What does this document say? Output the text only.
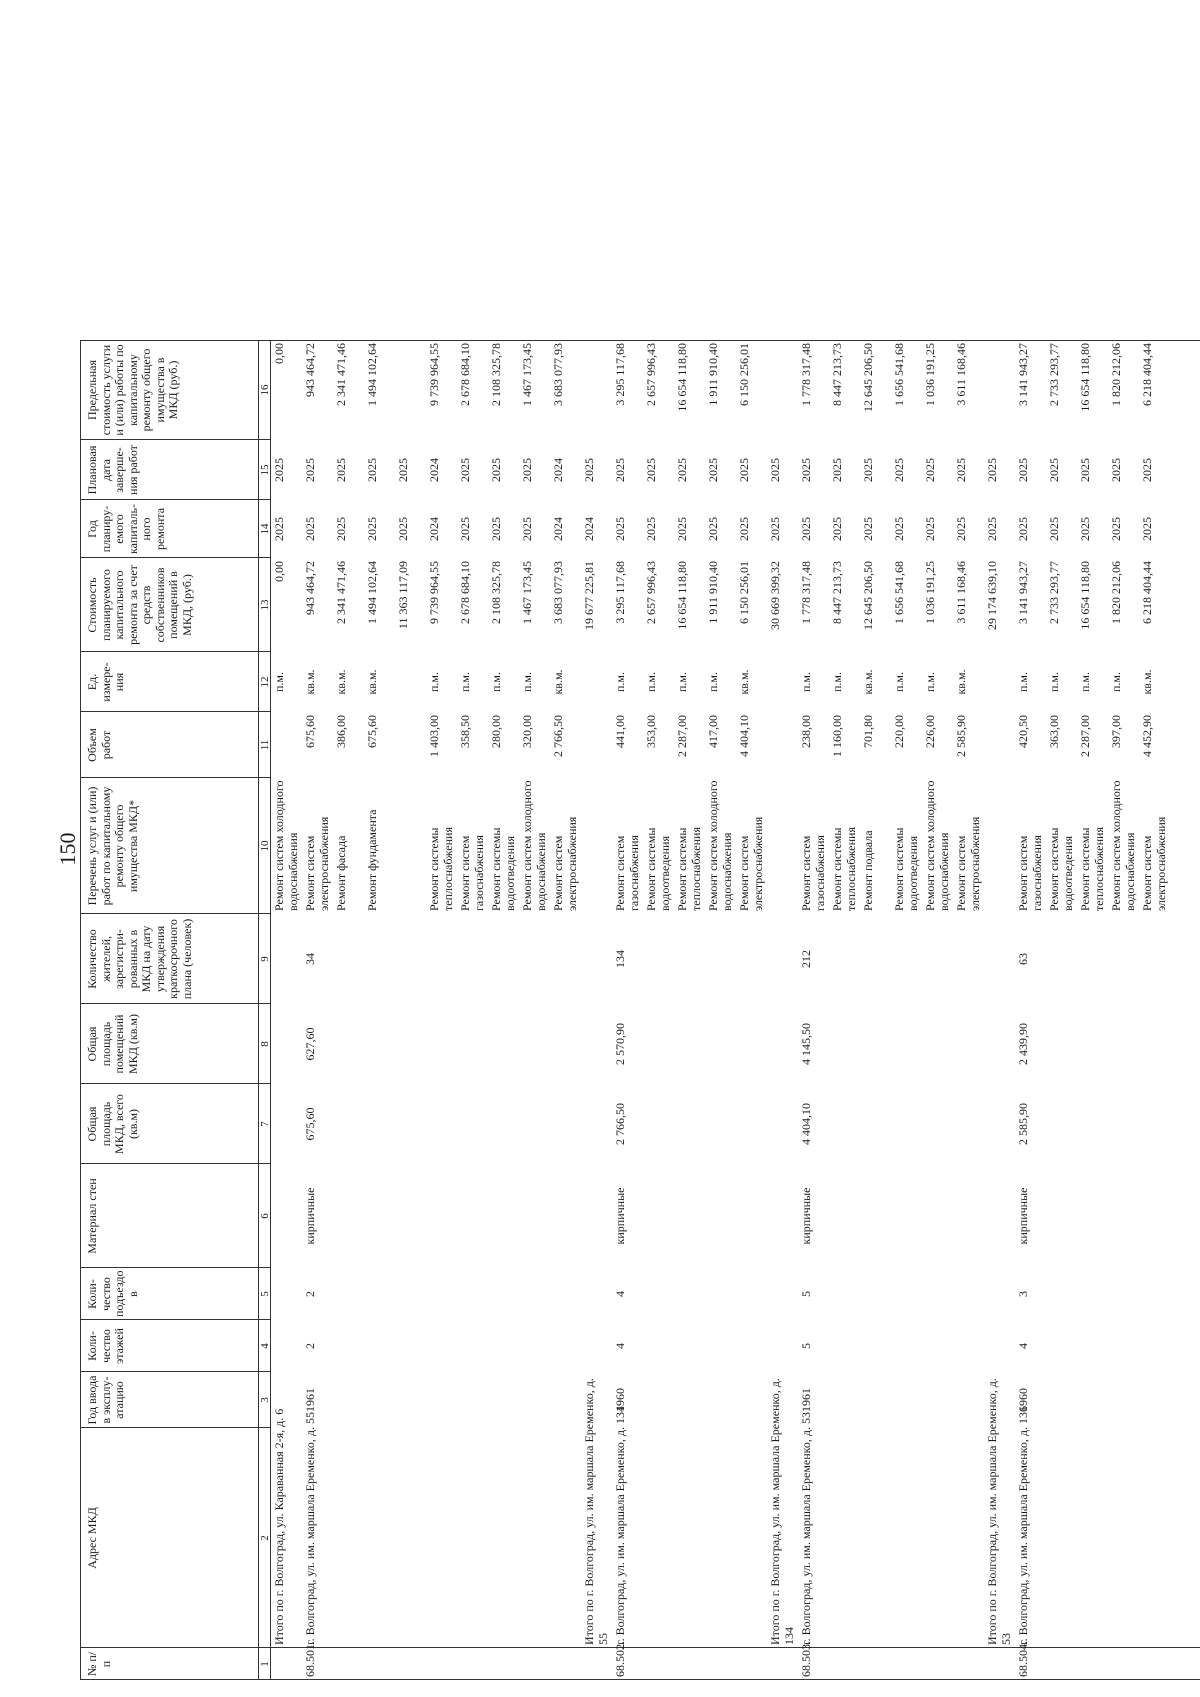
150
№ п/п
Адрес МКД
Год ввода в эксплу-атацию
Коли-чество этажей
Коли-чество подъездо в
Материал стен
Общая площадь МКД, всего (кв.м)
Общая площадь помещений МКД (кв.м)
Количество жителей, зарегистри-рованных в МКД на дату утверждения краткосрочного плана (человек)
Перечень услуг и (или) работ по капитальному ремонту общего имущества МКД*
Объем работ
Ед. измере-ния
Стоимость планируемого капитального ремонта за счет средств собственников помещений в МКД, (руб.)
Год планиру-емого капиталь-ного ремонта
Плановая дата заверше-ния работ
Предельная стоимость услуги и (или) работы по капитальному ремонту общего имущества в МКД (руб.)
1
2
3
4
5
6
7
8
9
10
11
12
13
14
15
16
Итого по г. Волгоград, ул. Караванная 2-я, д. 6
Ремонт систем холодного водоснабжения
п.м.
0,00
2025
2025
0,00
68.501.
г. Волгоград, ул. им. маршала Еременко, д. 55
1961
2
2
кирпичные
675,60
627,60
34
Ремонт систем электроснабжения
675,60
кв.м.
943 464,72
2025
2025
943 464,72
Ремонт фасада
386,00
кв.м.
2 341 471,46
2025
2025
2 341 471,46
Ремонт фундамента
675,60
кв.м.
1 494 102,64
2025
2025
1 494 102,64
11 363 117,09
2025
2025
Ремонт системы теплоснабжения
1 403,00
п.м.
9 739 964,55
2024
2024
9 739 964,55
Ремонт систем газоснабжения
358,50
п.м.
2 678 684,10
2025
2025
2 678 684,10
Ремонт системы водоотведения
280,00
п.м.
2 108 325,78
2025
2025
2 108 325,78
Ремонт систем холодного водоснабжения
320,00
п.м.
1 467 173,45
2025
2025
1 467 173,45
Ремонт систем электроснабжения
2 766,50
кв.м.
3 683 077,93
2024
2024
3 683 077,93
Итого по г. Волгоград, ул. им. маршала Еременко, д. 55
19 677 225,81
2024
2025
68.502.
г. Волгоград, ул. им. маршала Еременко, д. 134
1960
4
4
кирпичные
2 766,50
2 570,90
134
Ремонт систем газоснабжения
441,00
п.м.
3 295 117,68
2025
2025
3 295 117,68
Ремонт системы водоотведения
353,00
п.м.
2 657 996,43
2025
2025
2 657 996,43
Ремонт системы теплоснабжения
2 287,00
п.м.
16 654 118,80
2025
2025
16 654 118,80
Ремонт систем холодного водоснабжения
417,00
п.м.
1 911 910,40
2025
2025
1 911 910,40
Ремонт систем электроснабжения
4 404,10
кв.м.
6 150 256,01
2025
2025
6 150 256,01
Итого по г. Волгоград, ул. им. маршала Еременко, д. 134
30 669 399,32
2025
2025
68.503.
г. Волгоград, ул. им. маршала Еременко, д. 53
1961
5
5
кирпичные
4 404,10
4 145,50
212
Ремонт систем газоснабжения
238,00
п.м.
1 778 317,48
2025
2025
1 778 317,48
Ремонт системы теплоснабжения
1 160,00
п.м.
8 447 213,73
2025
2025
8 447 213,73
Ремонт подвала
701,80
кв.м.
12 645 206,50
2025
2025
12 645 206,50
Ремонт системы водоотведения
220,00
п.м.
1 656 541,68
2025
2025
1 656 541,68
Ремонт систем холодного водоснабжения
226,00
п.м.
1 036 191,25
2025
2025
1 036 191,25
Ремонт систем электроснабжения
2 585,90
кв.м.
3 611 168,46
2025
2025
3 611 168,46
Итого по г. Волгоград, ул. им. маршала Еременко, д. 53
29 174 639,10
2025
2025
68.504.
г. Волгоград, ул. им. маршала Еременко, д. 136
1960
4
3
кирпичные
2 585,90
2 439,90
63
Ремонт систем газоснабжения
420,50
п.м.
3 141 943,27
2025
2025
3 141 943,27
Ремонт системы водоотведения
363,00
п.м.
2 733 293,77
2025
2025
2 733 293,77
Ремонт системы теплоснабжения
2 287,00
п.м.
16 654 118,80
2025
2025
16 654 118,80
Ремонт систем холодного водоснабжения
397,00
п.м.
1 820 212,06
2025
2025
1 820 212,06
Ремонт систем электроснабжения
4 452,90
кв.м.
6 218 404,44
2025
2025
6 218 404,44
